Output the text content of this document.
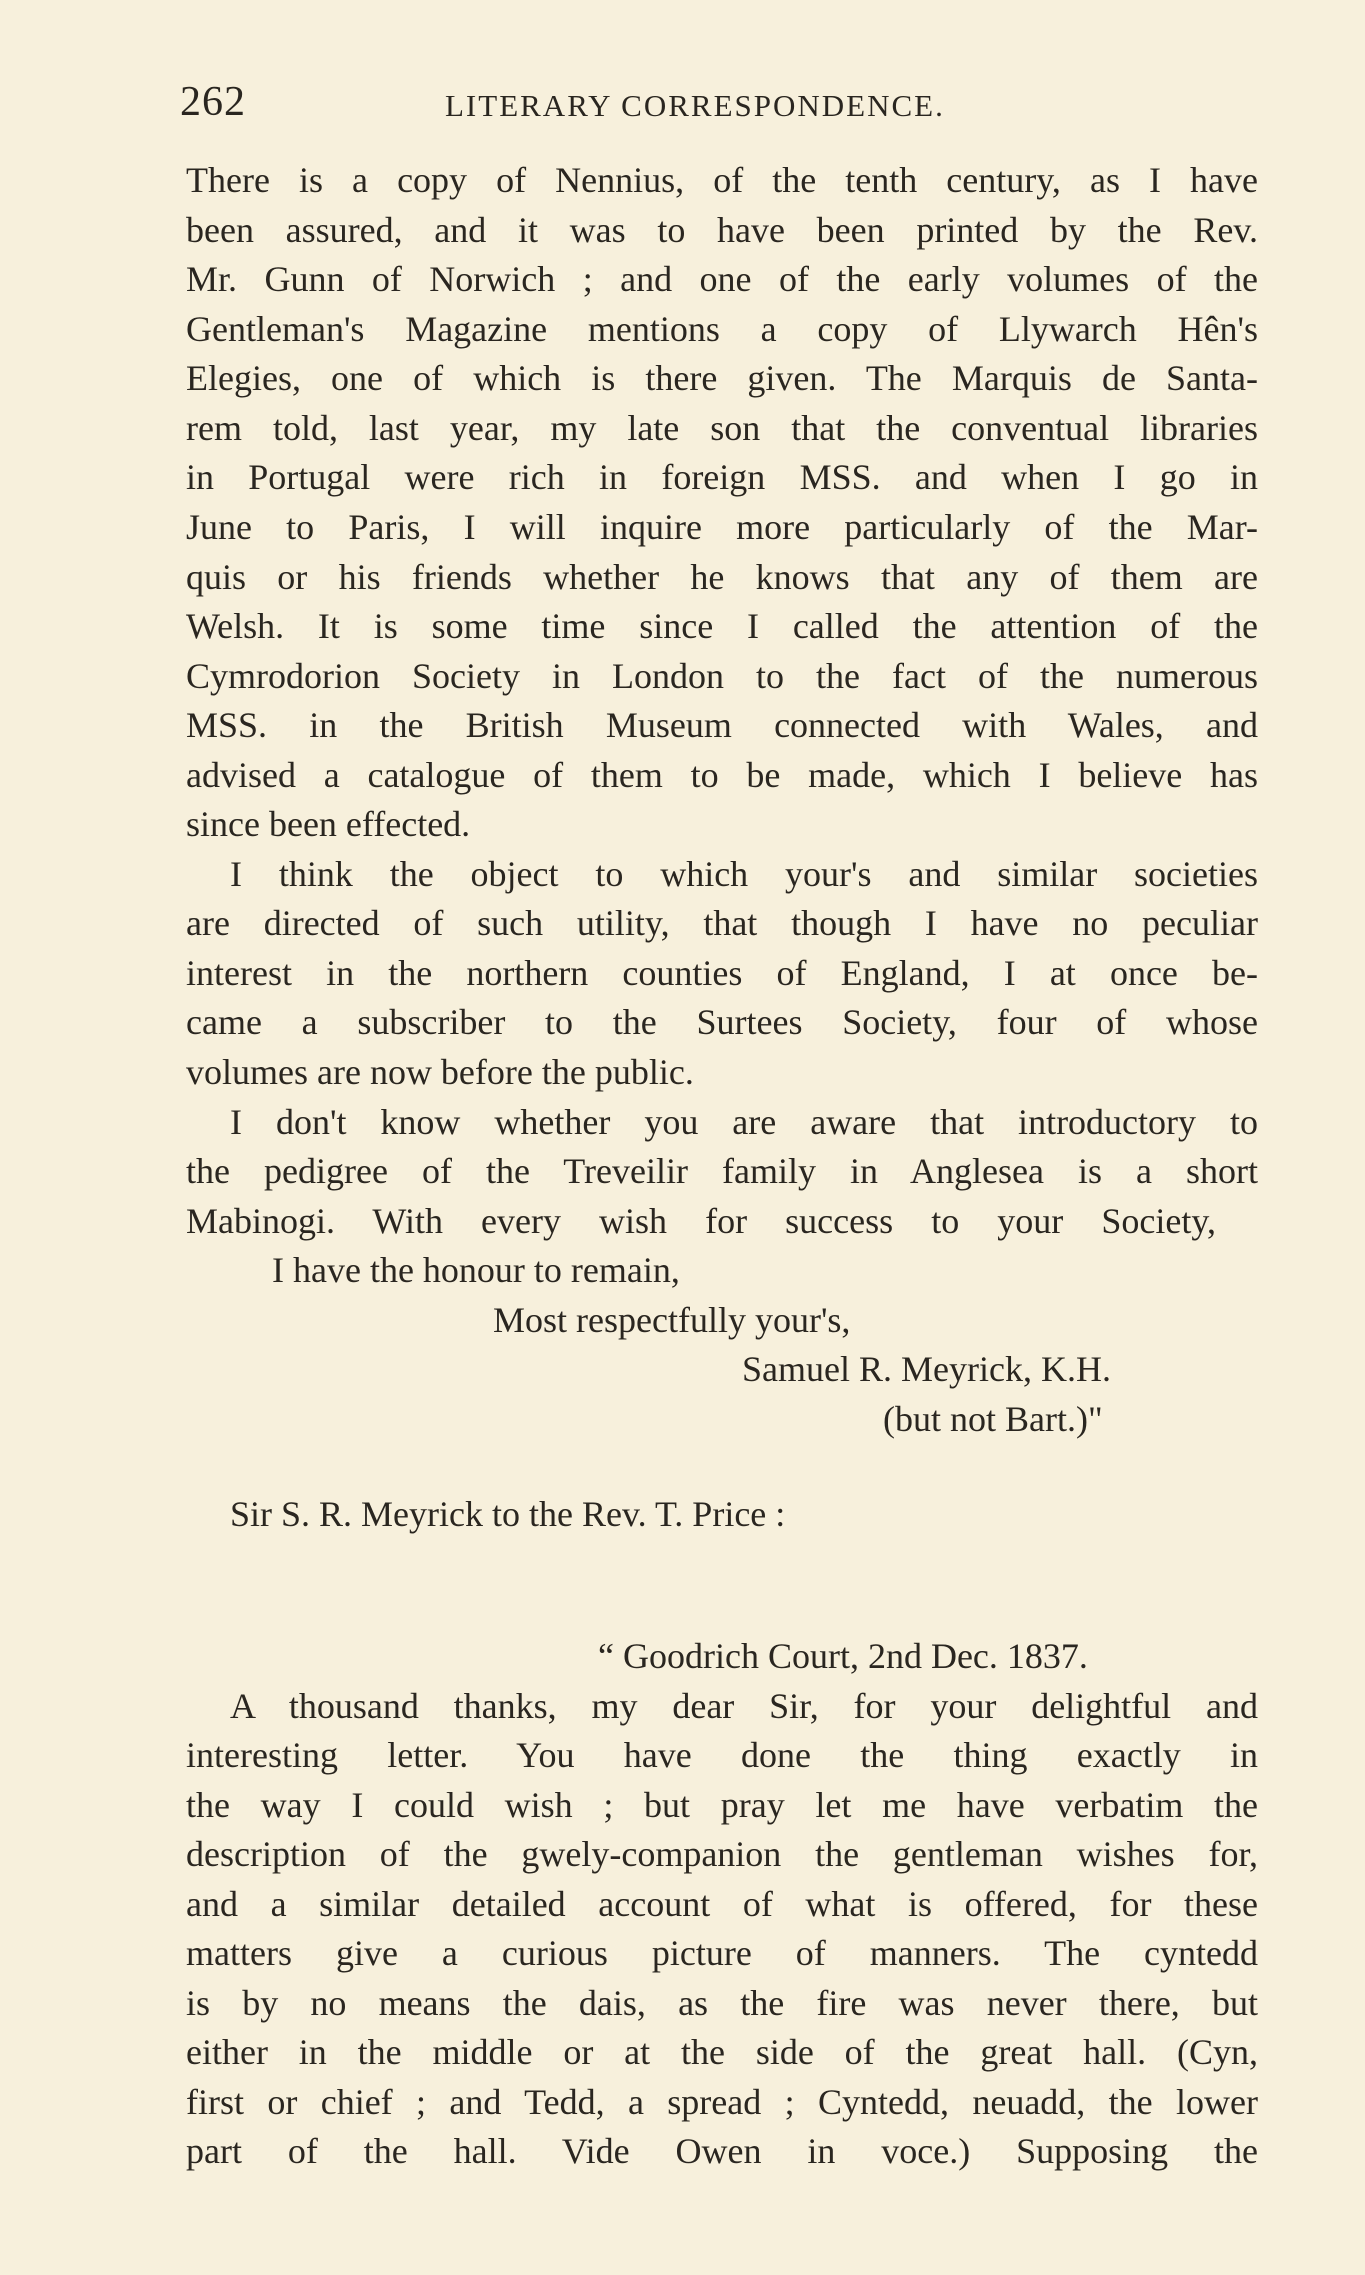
262	LITERARY CORRESPONDENCE.
There is a copy of Nennius, of the tenth century, as I have
been assured, and it was to have been printed by the Rev.
Mr. Gunn of Norwich ; and one of the early volumes of the
Gentleman's Magazine mentions a copy of Llywarch Hên's
Elegies, one of which is there given. The Marquis de Santa-
rem told, last year, my late son that the conventual libraries
in Portugal were rich in foreign MSS. and when I go in
June to Paris, I will inquire more particularly of the Mar-
quis or his friends whether he knows that any of them are
Welsh. It is some time since I called the attention of the
Cymrodorion Society in London to the fact of the numerous
MSS. in the British Museum connected with Wales, and
advised a catalogue of them to be made, which I believe has
since been effected.
I think the object to which your's and similar societies
are directed of such utility, that though I have no peculiar
interest in the northern counties of England, I at once be-
came a subscriber to the Surtees Society, four of whose
volumes are now before the public.
I don't know whether you are aware that introductory to
the pedigree of the Treveilir family in Anglesea is a short
Mabinogi. With every wish for success to your Society,
I have the honour to remain,
Most respectfully your's,
Samuel R. Meyrick, K.H.
(but not Bart.)"
Sir S. R. Meyrick to the Rev. T. Price :
“ Goodrich Court, 2nd Dec. 1837.
A thousand thanks, my dear Sir, for your delightful and
interesting letter. You have done the thing exactly in
the way I could wish ; but pray let me have verbatim the
description of the gwely-companion the gentleman wishes for,
and a similar detailed account of what is offered, for these
matters give a curious picture of manners. The cyntedd
is by no means the dais, as the fire was never there, but
either in the middle or at the side of the great hall. (Cyn,
first or chief ; and Tedd, a spread ; Cyntedd, neuadd, the lower
part of the hall. Vide Owen in voce.) Supposing the
